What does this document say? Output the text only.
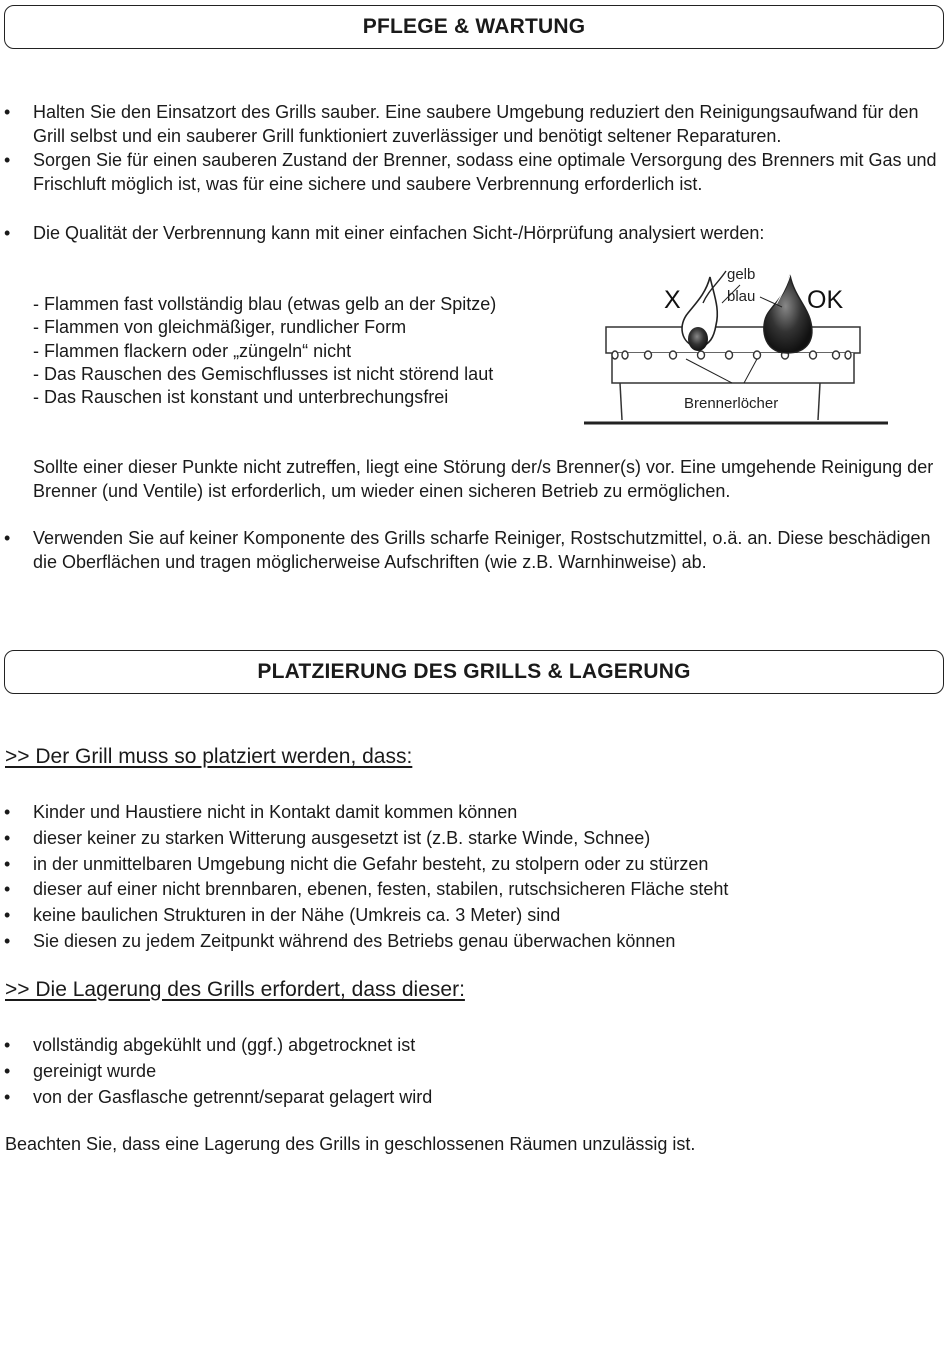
PFLEGE & WARTUNG
• Halten Sie den Einsatzort des Grills sauber. Eine saubere Umgebung reduziert den Reinigungsaufwand für den Grill selbst und ein sauberer Grill funktioniert zuverlässiger und benötigt seltener Reparaturen.
• Sorgen Sie für einen sauberen Zustand der Brenner, sodass eine optimale Versorgung des Brenners mit Gas und Frischluft möglich ist, was für eine sichere und saubere Verbrennung erforderlich ist.
• Die Qualität der Verbrennung kann mit einer einfachen Sicht-/Hörprüfung analysiert werden:
- Flammen fast vollständig blau (etwas gelb an der Spitze)
- Flammen von gleichmäßiger, rundlicher Form
- Flammen flackern oder „züngeln“ nicht
- Das Rauschen des Gemischflusses ist nicht störend laut
- Das Rauschen ist konstant und unterbrechungsfrei
X	OK
gelb
blau
Brennerlöcher
Sollte einer dieser Punkte nicht zutreffen, liegt eine Störung der/s Brenner(s) vor. Eine umgehende Reinigung der Brenner (und Ventile) ist erforderlich, um wieder einen sicheren Betrieb zu ermöglichen.
• Verwenden Sie auf keiner Komponente des Grills scharfe Reiniger, Rostschutzmittel, o.ä. an. Diese beschädigen die Oberflächen und tragen möglicherweise Aufschriften (wie z.B. Warnhinweise) ab.
PLATZIERUNG DES GRILLS & LAGERUNG
>> Der Grill muss so platziert werden, dass:
• Kinder und Haustiere nicht in Kontakt damit kommen können
• dieser keiner zu starken Witterung ausgesetzt ist (z.B. starke Winde, Schnee)
• in der unmittelbaren Umgebung nicht die Gefahr besteht, zu stolpern oder zu stürzen
• dieser auf einer nicht brennbaren, ebenen, festen, stabilen, rutschsicheren Fläche steht
• keine baulichen Strukturen in der Nähe (Umkreis ca. 3 Meter) sind
• Sie diesen zu jedem Zeitpunkt während des Betriebs genau überwachen können
>> Die Lagerung des Grills erfordert, dass dieser:
• vollständig abgekühlt und (ggf.) abgetrocknet ist
• gereinigt wurde
• von der Gasflasche getrennt/separat gelagert wird
Beachten Sie, dass eine Lagerung des Grills in geschlossenen Räumen unzulässig ist.
